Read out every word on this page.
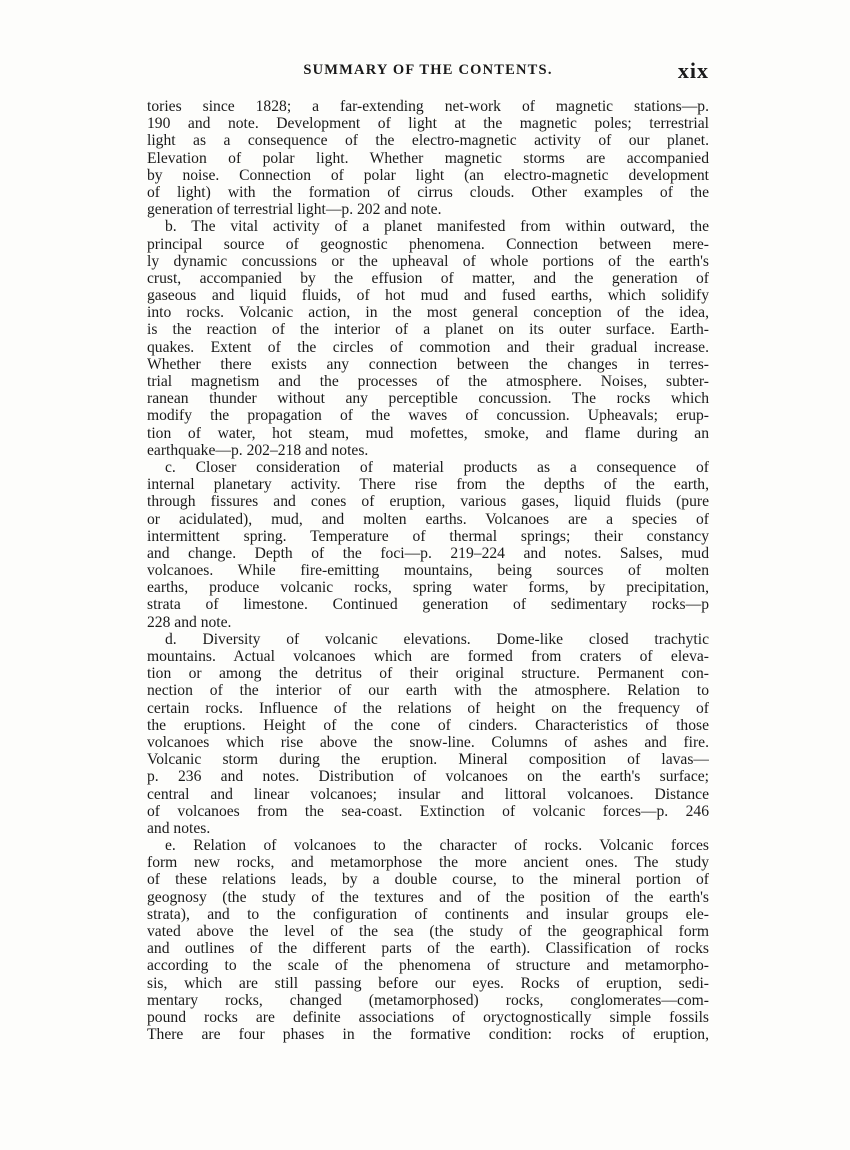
SUMMARY OF THE CONTENTS.	xix
tories since 1828; a far-extending net-work of magnetic stations—p.
190 and note. Development of light at the magnetic poles; terrestrial
light as a consequence of the electro-magnetic activity of our planet.
Elevation of polar light. Whether magnetic storms are accompanied
by noise. Connection of polar light (an electro-magnetic development
of light) with the formation of cirrus clouds. Other examples of the
generation of terrestrial light—p. 202 and note.
b. The vital activity of a planet manifested from within outward, the
principal source of geognostic phenomena. Connection between mere-
ly dynamic concussions or the upheaval of whole portions of the earth's
crust, accompanied by the effusion of matter, and the generation of
gaseous and liquid fluids, of hot mud and fused earths, which solidify
into rocks. Volcanic action, in the most general conception of the idea,
is the reaction of the interior of a planet on its outer surface. Earth-
quakes. Extent of the circles of commotion and their gradual increase.
Whether there exists any connection between the changes in terres-
trial magnetism and the processes of the atmosphere. Noises, subter-
ranean thunder without any perceptible concussion. The rocks which
modify the propagation of the waves of concussion. Upheavals; erup-
tion of water, hot steam, mud mofettes, smoke, and flame during an
earthquake—p. 202–218 and notes.
c. Closer consideration of material products as a consequence of
internal planetary activity. There rise from the depths of the earth,
through fissures and cones of eruption, various gases, liquid fluids (pure
or acidulated), mud, and molten earths. Volcanoes are a species of
intermittent spring. Temperature of thermal springs; their constancy
and change. Depth of the foci—p. 219–224 and notes. Salses, mud
volcanoes. While fire-emitting mountains, being sources of molten
earths, produce volcanic rocks, spring water forms, by precipitation,
strata of limestone. Continued generation of sedimentary rocks—p
228 and note.
d. Diversity of volcanic elevations. Dome-like closed trachytic
mountains. Actual volcanoes which are formed from craters of eleva-
tion or among the detritus of their original structure. Permanent con-
nection of the interior of our earth with the atmosphere. Relation to
certain rocks. Influence of the relations of height on the frequency of
the eruptions. Height of the cone of cinders. Characteristics of those
volcanoes which rise above the snow-line. Columns of ashes and fire.
Volcanic storm during the eruption. Mineral composition of lavas—
p. 236 and notes. Distribution of volcanoes on the earth's surface;
central and linear volcanoes; insular and littoral volcanoes. Distance
of volcanoes from the sea-coast. Extinction of volcanic forces—p. 246
and notes.
e. Relation of volcanoes to the character of rocks. Volcanic forces
form new rocks, and metamorphose the more ancient ones. The study
of these relations leads, by a double course, to the mineral portion of
geognosy (the study of the textures and of the position of the earth's
strata), and to the configuration of continents and insular groups ele-
vated above the level of the sea (the study of the geographical form
and outlines of the different parts of the earth). Classification of rocks
according to the scale of the phenomena of structure and metamorpho-
sis, which are still passing before our eyes. Rocks of eruption, sedi-
mentary rocks, changed (metamorphosed) rocks, conglomerates—com-
pound rocks are definite associations of oryctognostically simple fossils
There are four phases in the formative condition: rocks of eruption,
